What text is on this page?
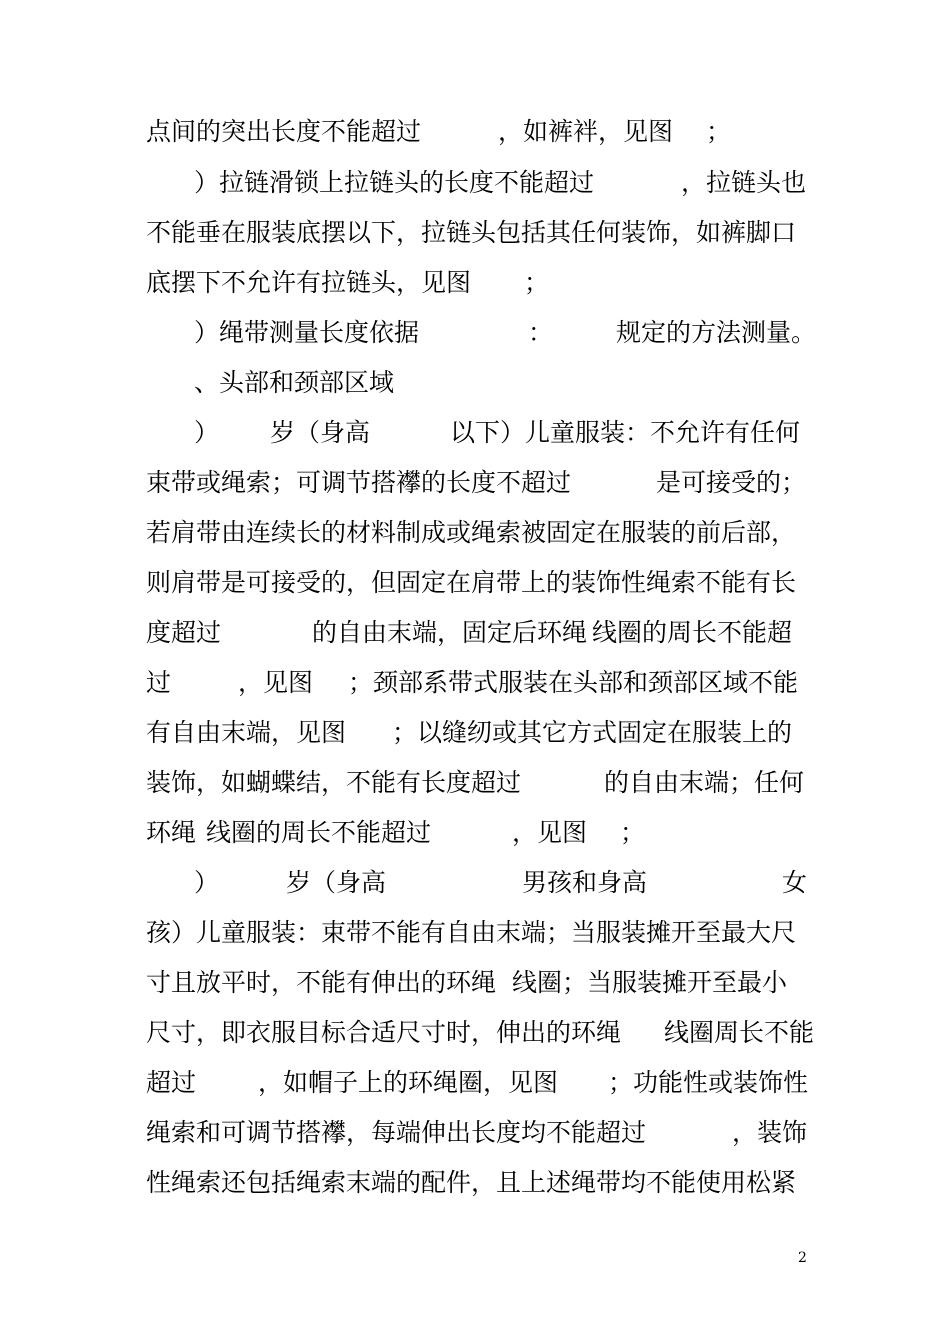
点间的突出长度不能超过	，如裤袢，见图 ；
）拉链滑锁上拉链头的长度不能超过	，拉链头也
不能垂在服装底摆以下，拉链头包括其任何装饰，如裤脚口
底摆下不允许有拉链头，见图 ；
）绳带测量长度依据	：	规定的方法测量。
、头部和颈部区域
） 岁（身高	以下）儿童服装：不允许有任何
束带或绳索；可调节搭襻的长度不超过	是可接受的；
若肩带由连续长的材料制成或绳索被固定在服装的前后部，
则肩带是可接受的，但固定在肩带上的装饰性绳索不能有长
度超过	的自由末端，固定后环绳 线圈的周长不能超
过	，见图 ；颈部系带式服装在头部和颈部区域不能
有自由末端，见图 ；以缝纫或其它方式固定在服装上的
装饰，如蝴蝶结，不能有长度超过	的自由末端；任何
环绳 线圈的周长不能超过	，见图 ；
）	岁（身高	男孩和身高	女
孩）儿童服装：束带不能有自由末端；当服装摊开至最大尺
寸且放平时，不能有伸出的环绳 线圈；当服装摊开至最小
尺寸，即衣服目标合适尺寸时，伸出的环绳 线圈周长不能
超过 ，如帽子上的环绳圈，见图 ；功能性或装饰性
绳索和可调节搭襻，每端伸出长度均不能超过	，装饰
性绳索还包括绳索末端的配件，且上述绳带均不能使用松紧
2
